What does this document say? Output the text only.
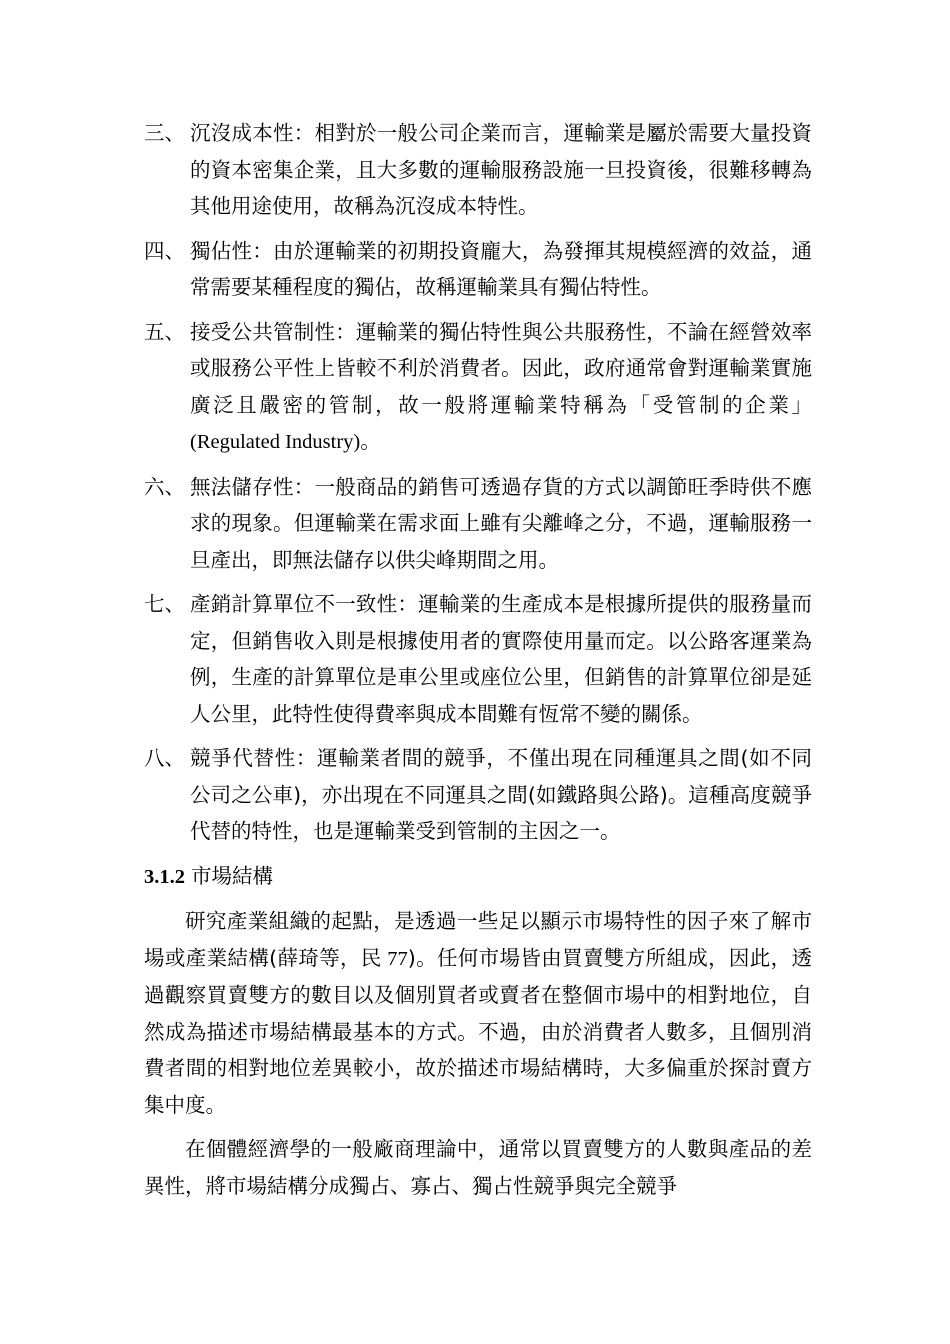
三、 沉沒成本性：相對於一般公司企業而言，運輸業是屬於需要大量投資的資本密集企業，且大多數的運輸服務設施一旦投資後，很難移轉為其他用途使用，故稱為沉沒成本特性。
四、 獨佔性：由於運輸業的初期投資龐大，為發揮其規模經濟的效益，通常需要某種程度的獨佔，故稱運輸業具有獨佔特性。
五、 接受公共管制性：運輸業的獨佔特性與公共服務性，不論在經營效率或服務公平性上皆較不利於消費者。因此，政府通常會對運輸業實施廣泛且嚴密的管制，故一般將運輸業特稱為「受管制的企業」(Regulated Industry)。
六、 無法儲存性：一般商品的銷售可透過存貨的方式以調節旺季時供不應求的現象。但運輸業在需求面上雖有尖離峰之分，不過，運輸服務一旦產出，即無法儲存以供尖峰期間之用。
七、 產銷計算單位不一致性：運輸業的生產成本是根據所提供的服務量而定，但銷售收入則是根據使用者的實際使用量而定。以公路客運業為例，生產的計算單位是車公里或座位公里，但銷售的計算單位卻是延人公里，此特性使得費率與成本間難有恆常不變的關係。
八、 競爭代替性：運輸業者間的競爭，不僅出現在同種運具之間(如不同公司之公車)，亦出現在不同運具之間(如鐵路與公路)。這種高度競爭代替的特性，也是運輸業受到管制的主因之一。
3.1.2 市場結構

研究產業組織的起點，是透過一些足以顯示市場特性的因子來了解市場或產業結構(薛琦等，民 77)。任何市場皆由買賣雙方所組成，因此，透過觀察買賣雙方的數目以及個別買者或賣者在整個市場中的相對地位，自然成為描述市場結構最基本的方式。不過，由於消費者人數多，且個別消費者間的相對地位差異較小，故於描述市場結構時，大多偏重於探討賣方集中度。

在個體經濟學的一般廠商理論中，通常以買賣雙方的人數與產品的差異性，將市場結構分成獨占、寡占、獨占性競爭與完全競爭
